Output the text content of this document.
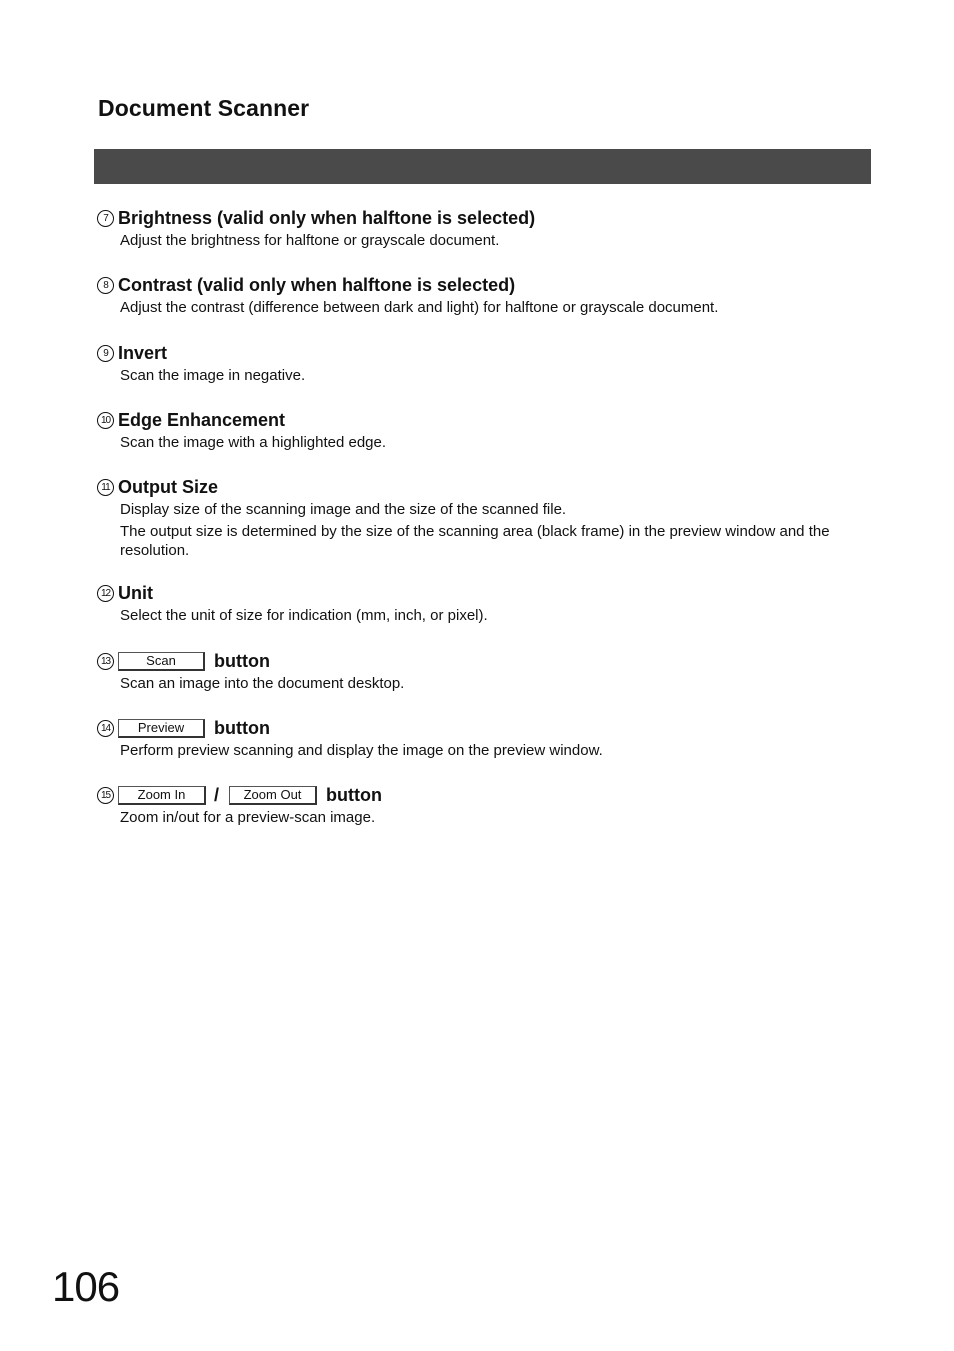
Document Scanner
7 Brightness (valid only when halftone is selected)

Adjust the brightness for halftone or grayscale document.

8 Contrast (valid only when halftone is selected)

Adjust the contrast (difference between dark and light) for halftone or grayscale document.

9 Invert

Scan the image in negative.

10 Edge Enhancement

Scan the image with a highlighted edge.

11 Output Size

Display size of the scanning image and the size of the scanned file.

The output size is determined by the size of the scanning area (black frame) in the preview window and the resolution.

12 Unit

Select the unit of size for indication (mm, inch, or pixel).

13	Scan	button

Scan an image into the document desktop.

14	Preview	button

Perform preview scanning and display the image on the preview window.

15	Zoom In	/	Zoom Out	button

Zoom in/out for a preview-scan image.

106
